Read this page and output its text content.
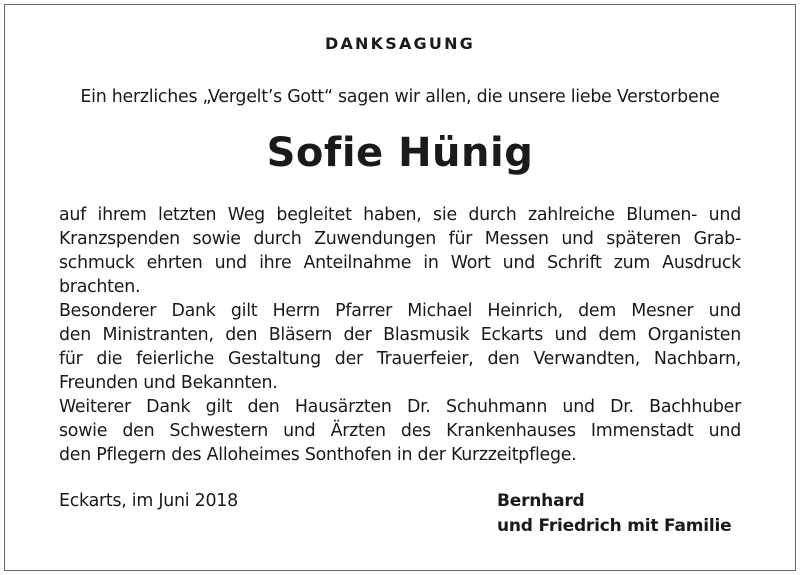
DANKSAGUNG
Ein herzliches „Vergelt’s Gott“ sagen wir allen, die unsere liebe Verstorbene
Sofie Hünig
auf ihrem letzten Weg begleitet haben, sie durch zahlreiche Blumen- und
Kranzspenden sowie durch Zuwendungen für Messen und späteren Grab-
schmuck ehrten und ihre Anteilnahme in Wort und Schrift zum Ausdruck
brachten.
Besonderer Dank gilt Herrn Pfarrer Michael Heinrich, dem Mesner und
den Ministranten, den Bläsern der Blasmusik Eckarts und dem Organisten
für die feierliche Gestaltung der Trauerfeier, den Verwandten, Nachbarn,
Freunden und Bekannten.
Weiterer Dank gilt den Hausärzten Dr. Schuhmann und Dr. Bachhuber
sowie den Schwestern und Ärzten des Krankenhauses Immenstadt und
den Pflegern des Alloheimes Sonthofen in der Kurzzeitpflege.
Eckarts, im Juni 2018	Bernhard
und Friedrich mit Familie
